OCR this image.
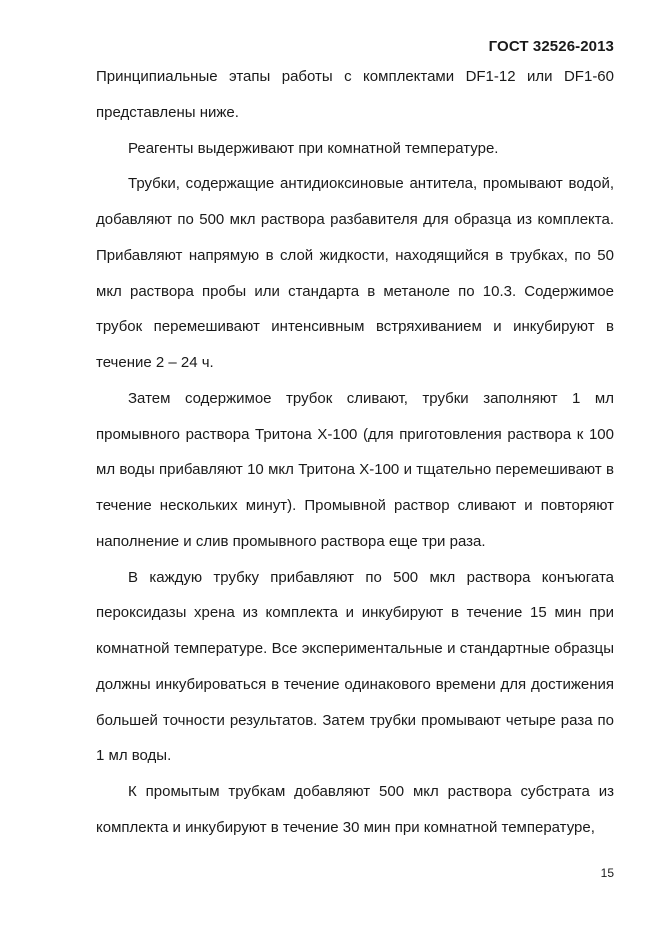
ГОСТ 32526-2013

Принципиальные этапы работы с комплектами DF1-12 или DF1-60 представлены ниже.

Реагенты выдерживают при комнатной температуре.

Трубки, содержащие антидиоксиновые антитела, промывают водой, добавляют по 500 мкл раствора разбавителя для образца из комплекта. Прибавляют напрямую в слой жидкости, находящийся в трубках, по 50 мкл раствора пробы или стандарта в метаноле по 10.3. Содержимое трубок перемешивают интенсивным встряхиванием и инкубируют в течение 2 – 24 ч.

Затем содержимое трубок сливают, трубки заполняют 1 мл промывного раствора Тритона Х-100 (для приготовления раствора к 100 мл воды прибавляют 10 мкл Тритона Х-100 и тщательно перемешивают в течение нескольких минут). Промывной раствор сливают и повторяют наполнение и слив промывного раствора еще три раза.

В каждую трубку прибавляют по 500 мкл раствора конъюгата пероксидазы хрена из комплекта и инкубируют в течение 15 мин при комнатной температуре. Все экспериментальные и стандартные образцы должны инкубироваться в течение одинакового времени для достижения большей точности результатов. Затем трубки промывают четыре раза по 1 мл воды.

К промытым трубкам добавляют 500 мкл раствора субстрата из комплекта и инкубируют в течение 30 мин при комнатной температуре,

15
